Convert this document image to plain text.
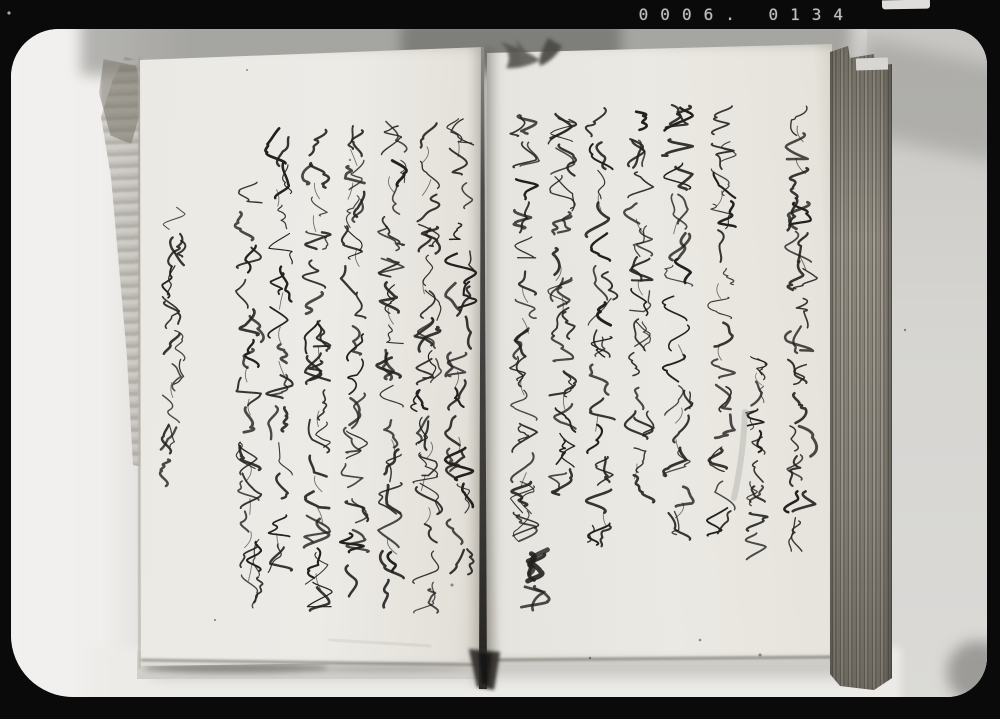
0006. 0134
